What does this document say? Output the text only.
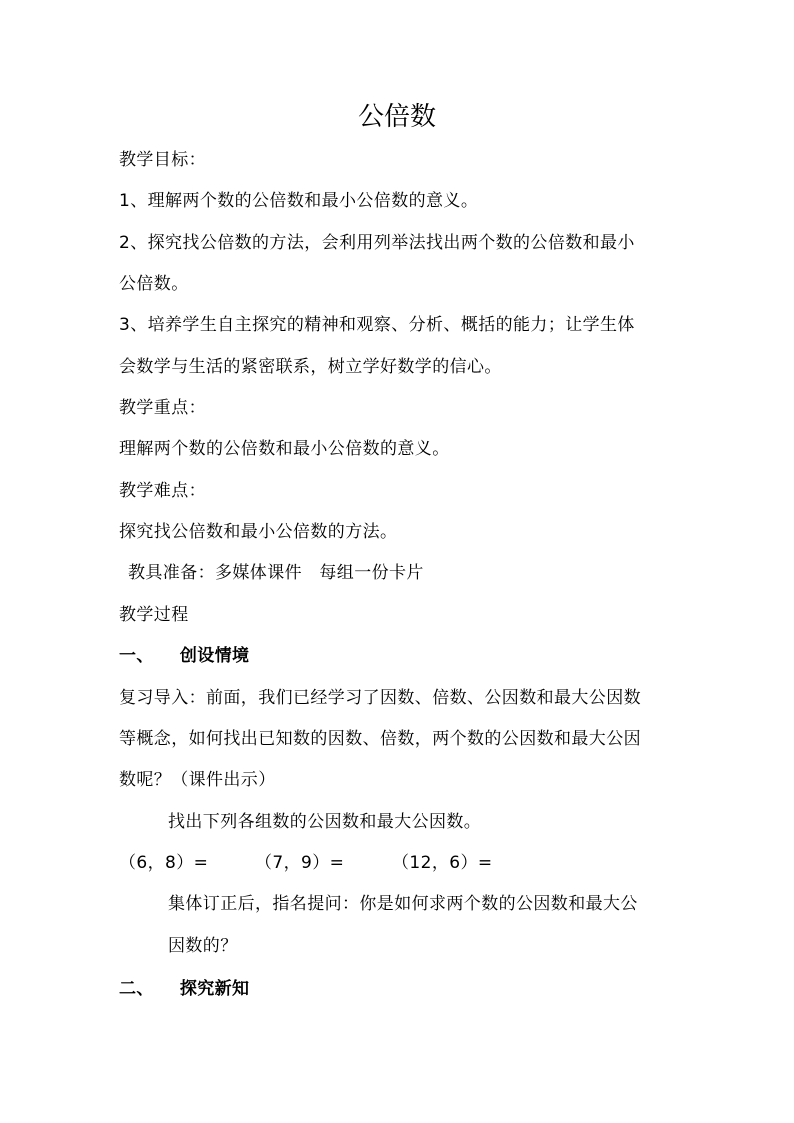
公倍数
教学目标：
1、理解两个数的公倍数和最小公倍数的意义。
2、探究找公倍数的方法，会利用列举法找出两个数的公倍数和最小
公倍数。
3、培养学生自主探究的精神和观察、分析、概括的能力；让学生体
会数学与生活的紧密联系，树立学好数学的信心。
教学重点：
理解两个数的公倍数和最小公倍数的意义。
教学难点：
探究找公倍数和最小公倍数的方法。
教具准备：多媒体课件   每组一份卡片
教学过程
一、 创设情境
复习导入：前面，我们已经学习了因数、倍数、公因数和最大公因数
等概念，如何找出已知数的因数、倍数，两个数的公因数和最大公因
数呢？（课件出示）
找出下列各组数的公因数和最大公因数。
（6，8）=	（7，9）=	（12，6）=
集体订正后，指名提问：你是如何求两个数的公因数和最大公
因数的？
二、 探究新知
